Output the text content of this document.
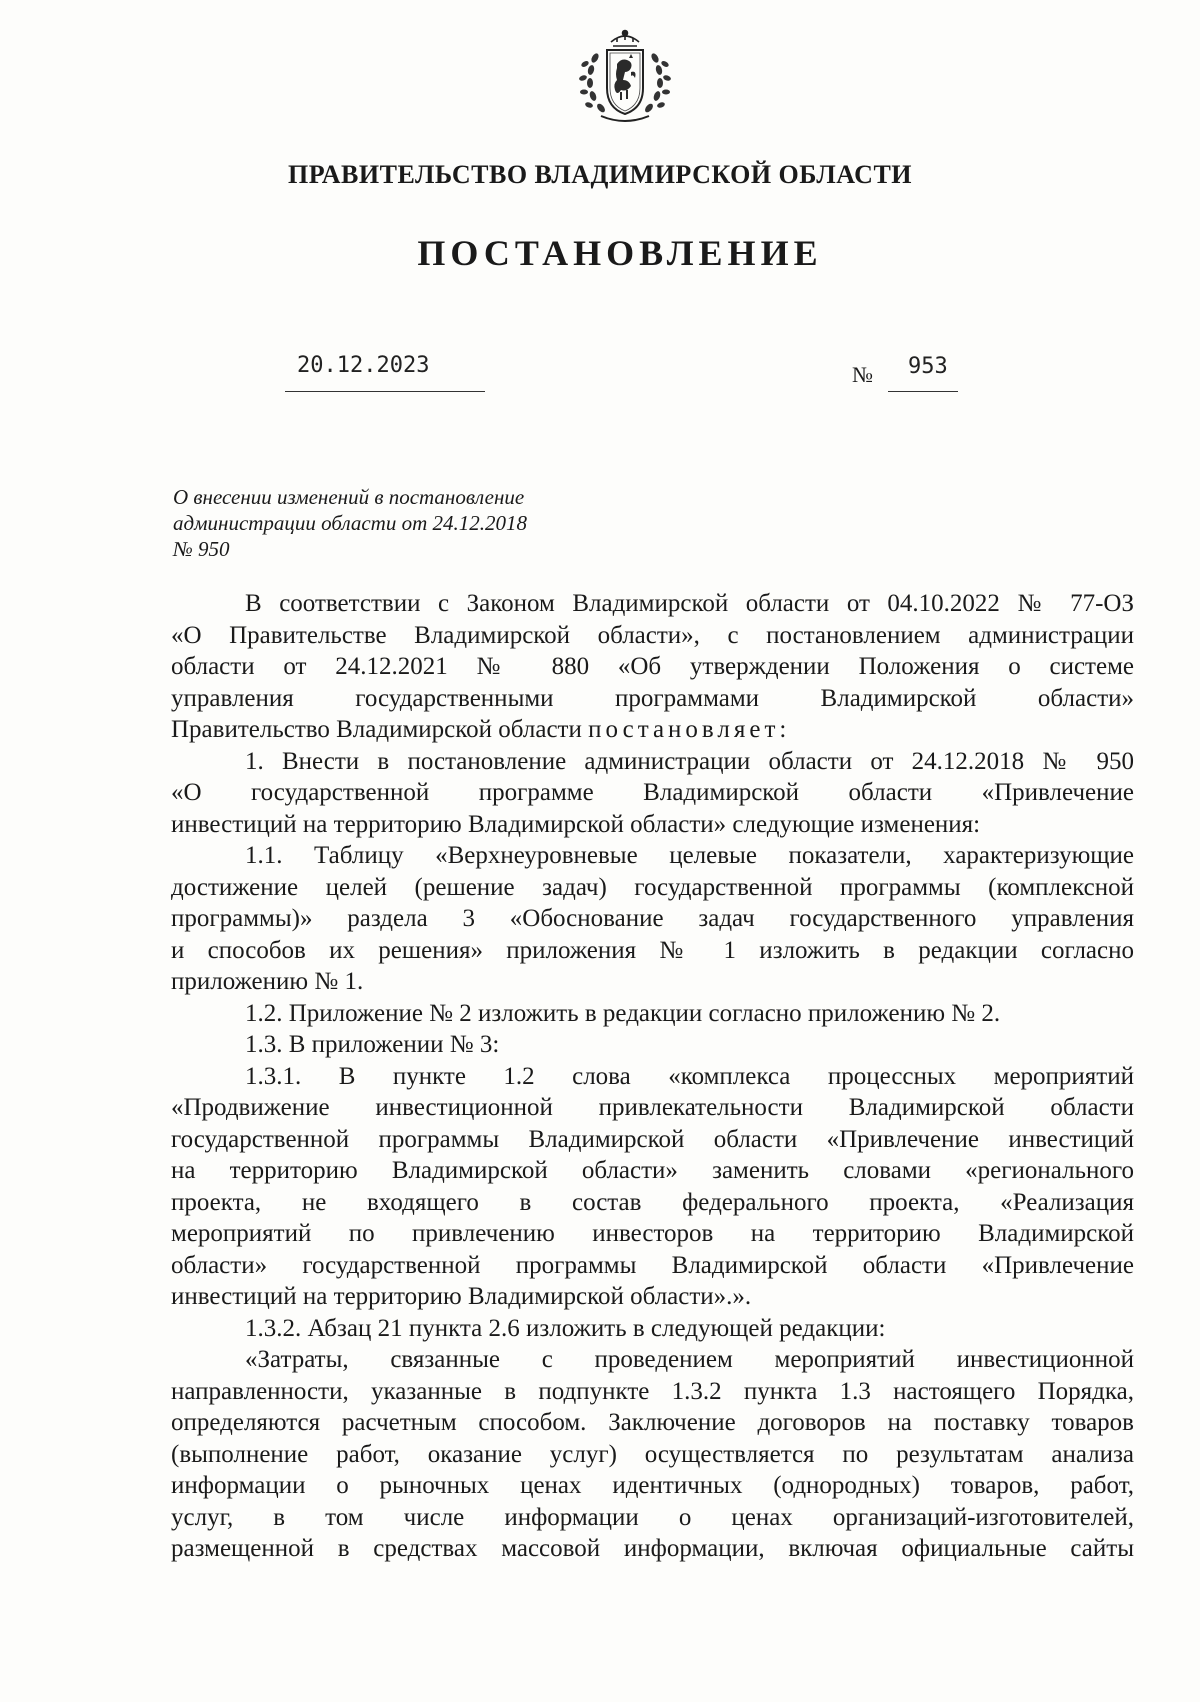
ПРАВИТЕЛЬСТВО ВЛАДИМИРСКОЙ ОБЛАСТИ
ПОСТАНОВЛЕНИЕ
20.12.2023	№ 953
О внесении изменений в постановление
администрации области от 24.12.2018
№ 950
В соответствии с Законом Владимирской области от 04.10.2022 № 77-ОЗ
«О Правительстве Владимирской области», с постановлением администрации
области от 24.12.2021 № 880 «Об утверждении Положения о системе
управления государственными программами Владимирской области»
Правительство Владимирской области постановляет:
1. Внести в постановление администрации области от 24.12.2018 № 950
«О государственной программе Владимирской области «Привлечение
инвестиций на территорию Владимирской области» следующие изменения:
1.1. Таблицу «Верхнеуровневые целевые показатели, характеризующие
достижение целей (решение задач) государственной программы (комплексной
программы)» раздела 3 «Обоснование задач государственного управления
и способов их решения» приложения № 1 изложить в редакции согласно
приложению № 1.
1.2. Приложение № 2 изложить в редакции согласно приложению № 2.
1.3. В приложении № 3:
1.3.1. В пункте 1.2 слова «комплекса процессных мероприятий
«Продвижение инвестиционной привлекательности Владимирской области
государственной программы Владимирской области «Привлечение инвестиций
на территорию Владимирской области» заменить словами «регионального
проекта, не входящего в состав федерального проекта, «Реализация
мероприятий по привлечению инвесторов на территорию Владимирской
области» государственной программы Владимирской области «Привлечение
инвестиций на территорию Владимирской области».».
1.3.2. Абзац 21 пункта 2.6 изложить в следующей редакции:
«Затраты, связанные с проведением мероприятий инвестиционной
направленности, указанные в подпункте 1.3.2 пункта 1.3 настоящего Порядка,
определяются расчетным способом. Заключение договоров на поставку товаров
(выполнение работ, оказание услуг) осуществляется по результатам анализа
информации о рыночных ценах идентичных (однородных) товаров, работ,
услуг, в том числе информации о ценах организаций-изготовителей,
размещенной в средствах массовой информации, включая официальные сайты
